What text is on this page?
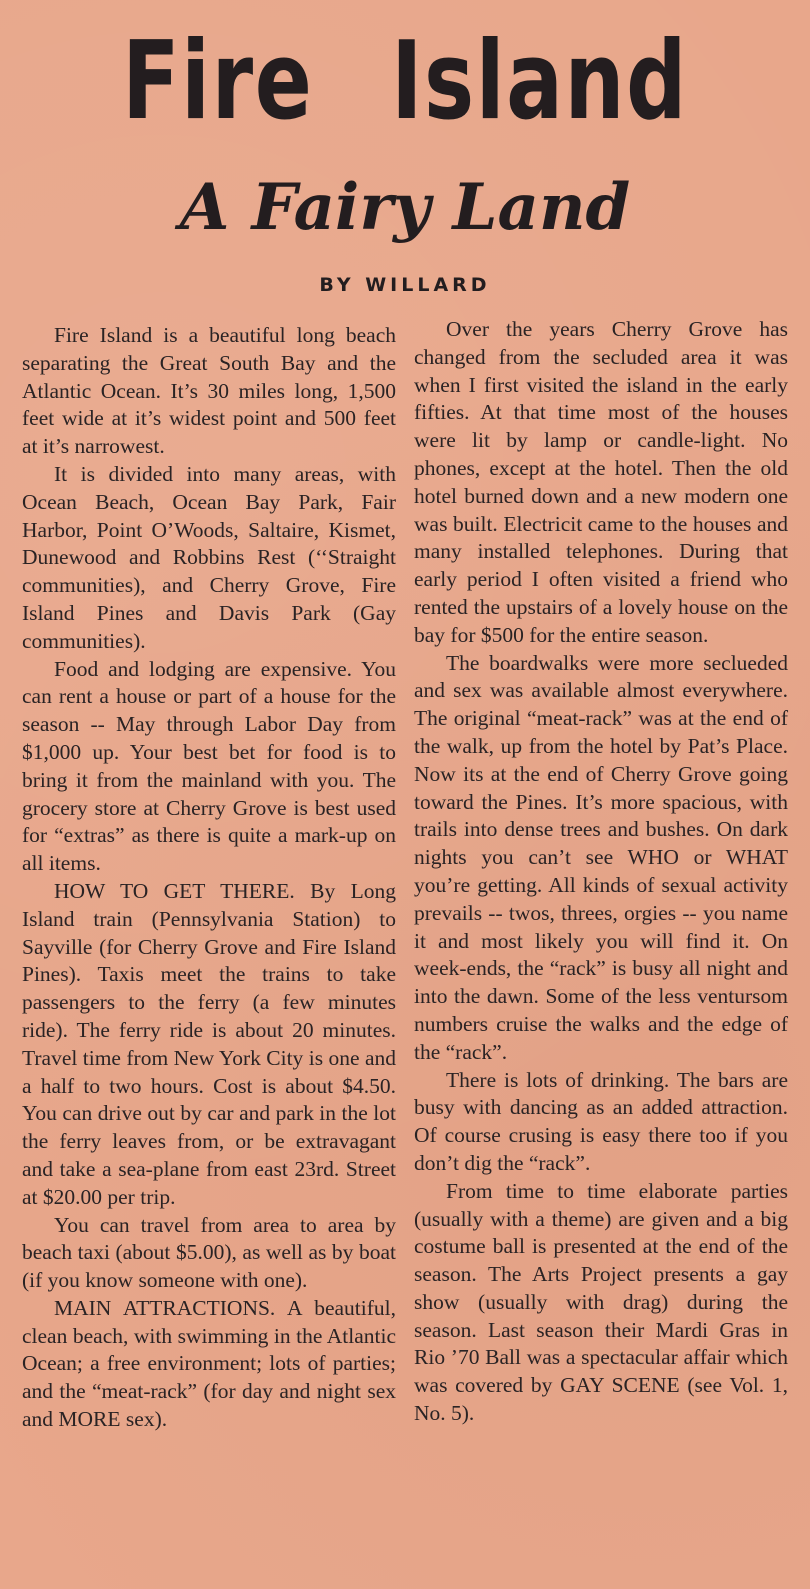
Fire Island
A Fairy Land
BY WILLARD

Fire Island is a beautiful long beach separating the Great South Bay and the Atlantic Ocean. It’s 30 miles long, 1,500 feet wide at it’s widest point and 500 feet at it’s narrowest.

It is divided into many areas, with Ocean Beach, Ocean Bay Park, Fair Harbor, Point O’Woods, Saltaire, Kismet, Dunewood and Robbins Rest (‘‘Straight communities), and Cherry Grove, Fire Island Pines and Davis Park (Gay communities).

Food and lodging are expensive. You can rent a house or part of a house for the season -- May through Labor Day from $1,000 up. Your best bet for food is to bring it from the mainland with you. The grocery store at Cherry Grove is best used for “extras” as there is quite a mark-up on all items.

HOW TO GET THERE. By Long Island train (Pennsylvania Station) to Sayville (for Cherry Grove and Fire Island Pines). Taxis meet the trains to take passengers to the ferry (a few minutes ride). The ferry ride is about 20 minutes. Travel time from New York City is one and a half to two hours. Cost is about $4.50. You can drive out by car and park in the lot the ferry leaves from, or be extravagant and take a sea-plane from east 23rd. Street at $20.00 per trip.

You can travel from area to area by beach taxi (about $5.00), as well as by boat (if you know someone with one).

MAIN ATTRACTIONS. A beautiful, clean beach, with swimming in the Atlantic Ocean; a free environment; lots of parties; and the “meat-rack” (for day and night sex and MORE sex).

Over the years Cherry Grove has changed from the secluded area it was when I first visited the island in the early fifties. At that time most of the houses were lit by lamp or candle-light. No phones, except at the hotel. Then the old hotel burned down and a new modern one was built. Electricit came to the houses and many installed telephones. During that early period I often visited a friend who rented the upstairs of a lovely house on the bay for $500 for the entire season.

The boardwalks were more seclueded and sex was available almost everywhere. The original “meat-rack” was at the end of the walk, up from the hotel by Pat’s Place. Now its at the end of Cherry Grove going toward the Pines. It’s more spacious, with trails into dense trees and bushes. On dark nights you can’t see WHO or WHAT you’re getting. All kinds of sexual activity prevails -- twos, threes, orgies -- you name it and most likely you will find it. On week-ends, the “rack” is busy all night and into the dawn. Some of the less ventursom numbers cruise the walks and the edge of the “rack”.

There is lots of drinking. The bars are busy with dancing as an added attraction. Of course crusing is easy there too if you don’t dig the “rack”.

From time to time elaborate parties (usually with a theme) are given and a big costume ball is presented at the end of the season. The Arts Project presents a gay show (usually with drag) during the season. Last season their Mardi Gras in Rio ’70 Ball was a spectacular affair which was covered by GAY SCENE (see Vol. 1, No. 5).
